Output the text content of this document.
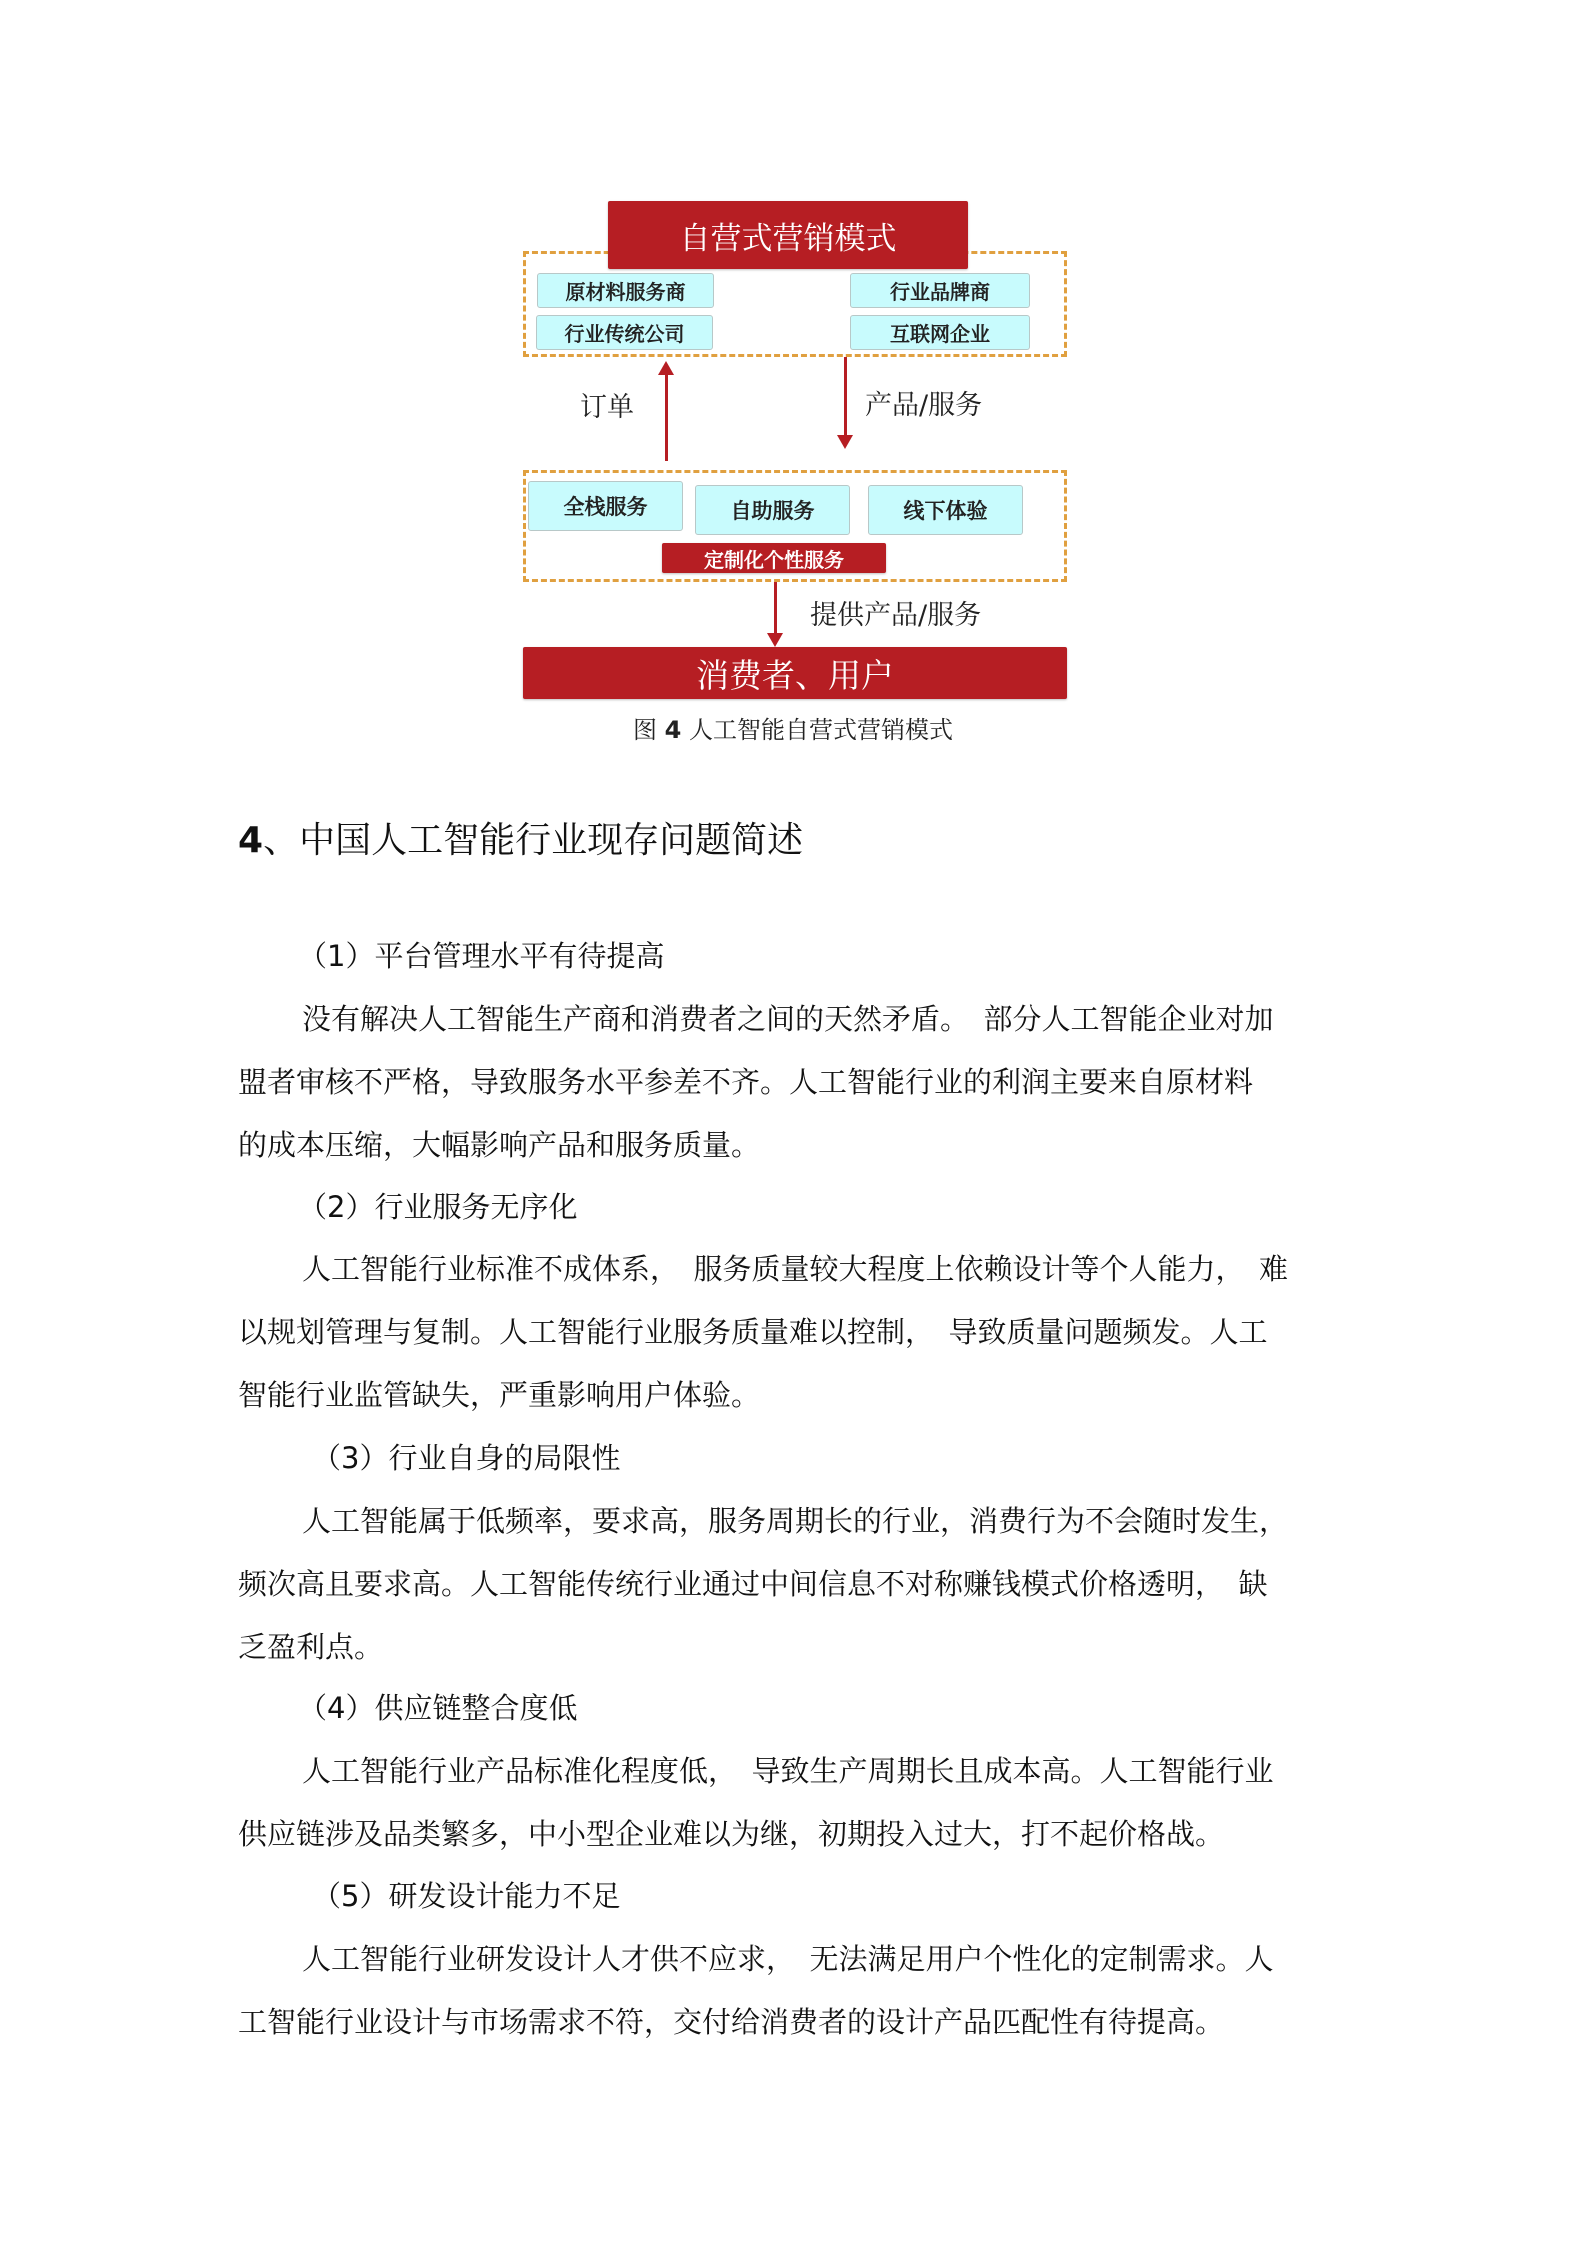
自营式营销模式
原材料服务商
行业传统公司
行业品牌商
互联网企业
订单	产品/服务
全栈服务	自助服务	线下体验
定制化个性服务
提供产品/服务
消费者、用户
图 4 人工智能自营式营销模式
4、中国人工智能行业现存问题简述
（1）平台管理水平有待提高
没有解决人工智能生产商和消费者之间的天然矛盾。　部分人工智能企业对加
盟者审核不严格，导致服务水平参差不齐。人工智能行业的利润主要来自原材料
的成本压缩，大幅影响产品和服务质量。
（2）行业服务无序化
人工智能行业标准不成体系，　服务质量较大程度上依赖设计等个人能力，　难
以规划管理与复制。人工智能行业服务质量难以控制，　导致质量问题频发。人工
智能行业监管缺失，严重影响用户体验。
（3）行业自身的局限性
人工智能属于低频率，要求高，服务周期长的行业，消费行为不会随时发生，
频次高且要求高。人工智能传统行业通过中间信息不对称赚钱模式价格透明，　缺
乏盈利点。
（4）供应链整合度低
人工智能行业产品标准化程度低，　导致生产周期长且成本高。人工智能行业
供应链涉及品类繁多，中小型企业难以为继，初期投入过大，打不起价格战。
（5）研发设计能力不足
人工智能行业研发设计人才供不应求，　无法满足用户个性化的定制需求。人
工智能行业设计与市场需求不符，交付给消费者的设计产品匹配性有待提高。
